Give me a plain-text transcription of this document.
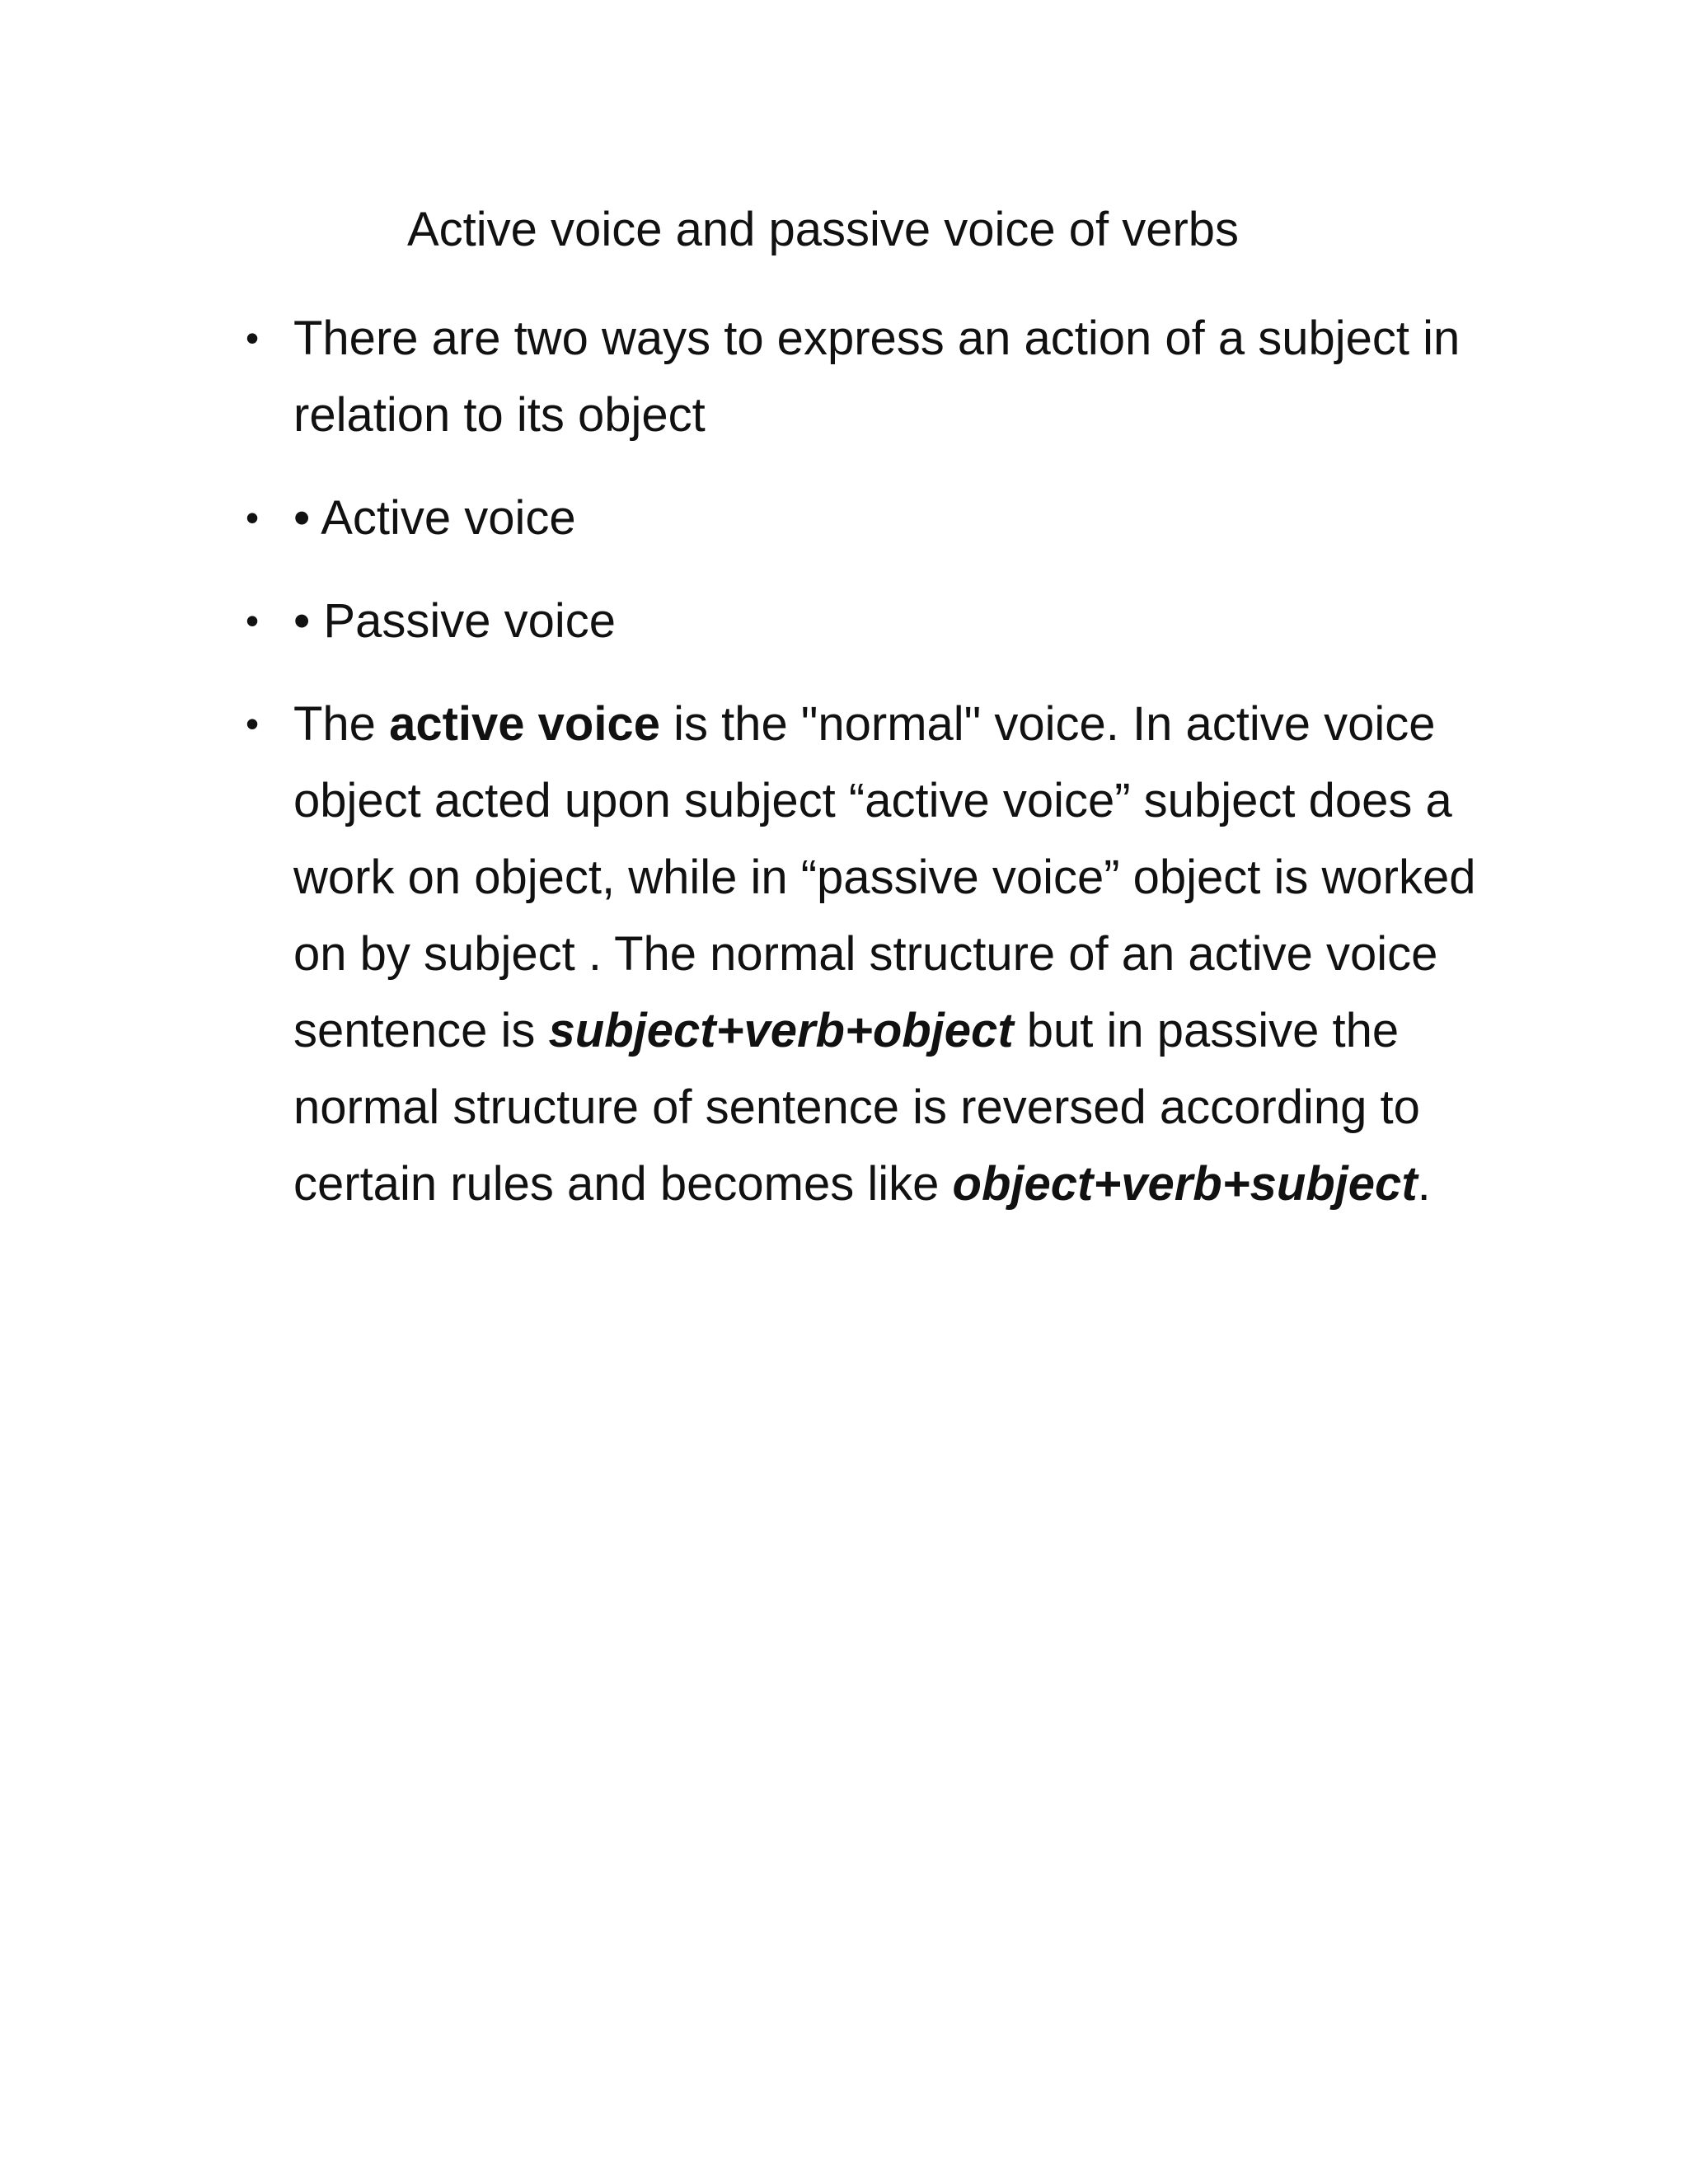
Active voice and passive voice of verbs
• There are two ways to express an action of a subject in relation to its object
• • Active voice
• • Passive voice
• The active voice is the "normal" voice. In active voice object acted upon subject “active voice” subject does a work on object, while in “passive voice” object is worked on by subject . The normal structure of an active voice sentence is subject+verb+object but in passive the normal structure of sentence is reversed according to certain rules and becomes like object+verb+subject.
